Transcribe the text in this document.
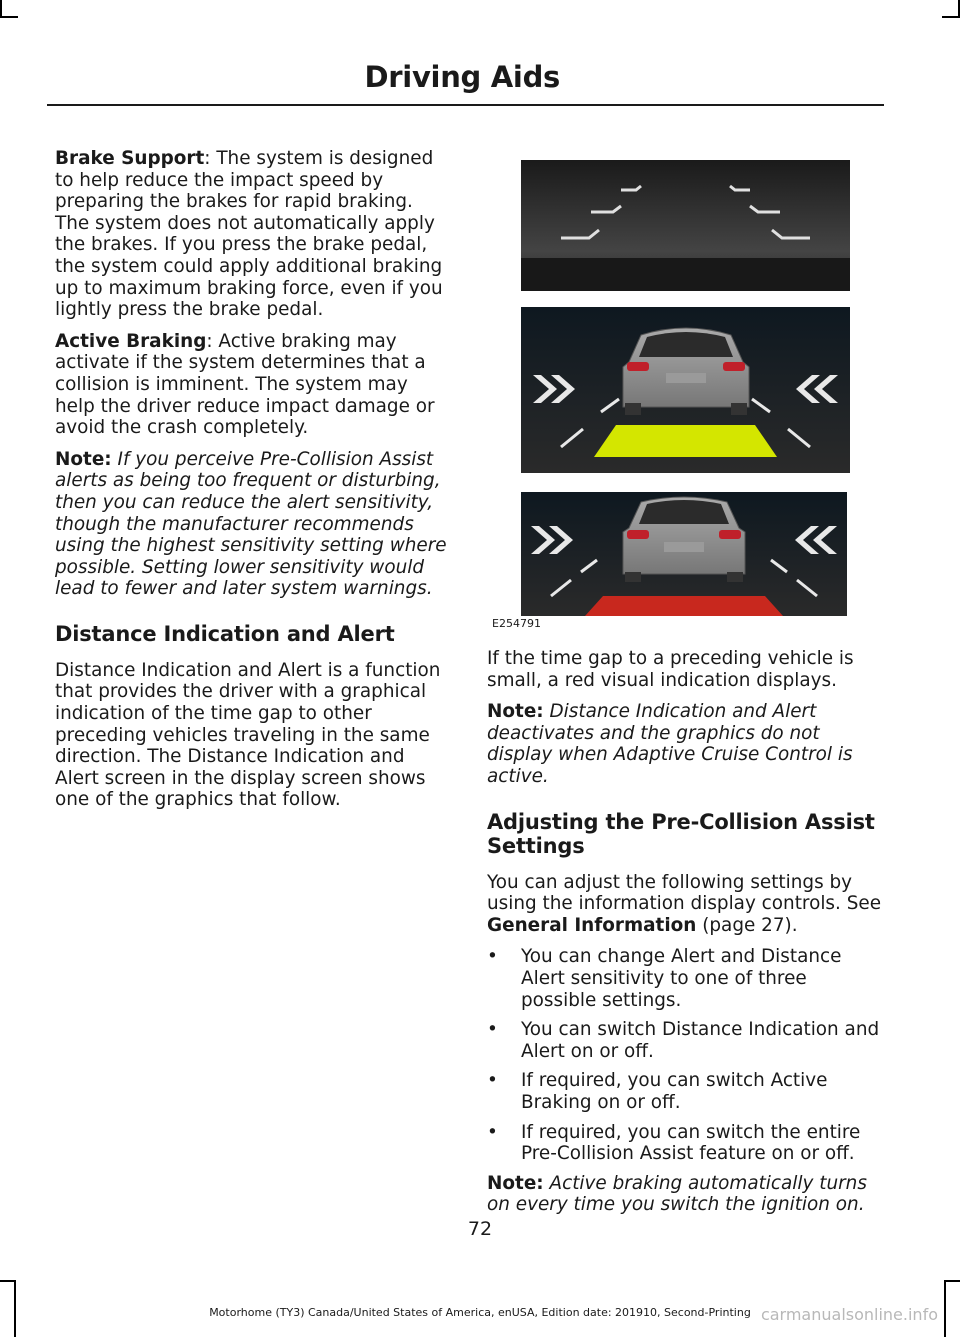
Driving Aids

Brake Support: The system is designed to help reduce the impact speed by preparing the brakes for rapid braking. The system does not automatically apply the brakes. If you press the brake pedal, the system could apply additional braking up to maximum braking force, even if you lightly press the brake pedal.

Active Braking: Active braking may activate if the system determines that a collision is imminent. The system may help the driver reduce impact damage or avoid the crash completely.

Note: If you perceive Pre-Collision Assist alerts as being too frequent or disturbing, then you can reduce the alert sensitivity, though the manufacturer recommends using the highest sensitivity setting where possible. Setting lower sensitivity would lead to fewer and later system warnings.

Distance Indication and Alert

Distance Indication and Alert is a function that provides the driver with a graphical indication of the time gap to other preceding vehicles traveling in the same direction. The Distance Indication and Alert screen in the display screen shows one of the graphics that follow.

E254791

If the time gap to a preceding vehicle is small, a red visual indication displays.

Note: Distance Indication and Alert deactivates and the graphics do not display when Adaptive Cruise Control is active.

Adjusting the Pre-Collision Assist Settings

You can adjust the following settings by using the information display controls. See General Information (page 27).

• You can change Alert and Distance Alert sensitivity to one of three possible settings.
• You can switch Distance Indication and Alert on or off.
• If required, you can switch Active Braking on or off.
• If required, you can switch the entire Pre-Collision Assist feature on or off.

Note: Active braking automatically turns on every time you switch the ignition on.

72
Motorhome (TY3) Canada/United States of America, enUSA, Edition date: 201910, Second-Printing carmanualsonline.info
